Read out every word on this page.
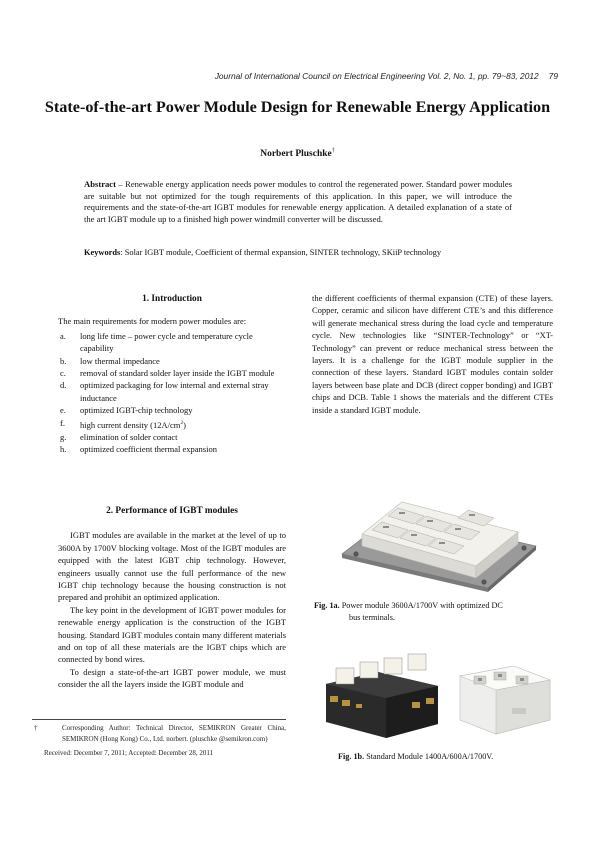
Journal of International Council on Electrical Engineering Vol. 2, No. 1, pp. 79~83, 2012 79
State-of-the-art Power Module Design for Renewable Energy Application
Norbert Pluschke†
Abstract – Renewable energy application needs power modules to control the regenerated power. Standard power modules are suitable but not optimized for the tough requirements of this application. In this paper, we will introduce the requirements and the state-of-the-art IGBT modules for renewable energy application. A detailed explanation of a state of the art IGBT module up to a finished high power windmill converter will be discussed.
Keywords: Solar IGBT module, Coefficient of thermal expansion, SINTER technology, SKiiP technology
1. Introduction
The main requirements for modern power modules are:
a. long life time – power cycle and temperature cycle capability
b. low thermal impedance
c. removal of standard solder layer inside the IGBT module
d. optimized packaging for low internal and external stray inductance
e. optimized IGBT-chip technology
f. high current density $(12A/cm^2)$
g. elimination of solder contact
h. optimized coefficient thermal expansion
2. Performance of IGBT modules

IGBT modules are available in the market at the level of up to 3600A by 1700V blocking voltage. Most of the IGBT modules are equipped with the latest IGBT chip technology. However, engineers usually cannot use the full performance of the new IGBT chip technology because the housing construction is not prepared and prohibit an optimized application.

The key point in the development of IGBT power modules for renewable energy application is the construction of the IGBT housing. Standard IGBT modules contain many different materials and on top of all these materials are the IGBT chips which are connected by bond wires.

To design a state-of-the-art IGBT power module, we must consider the all the layers inside the IGBT module and

†	Corresponding Author: Technical Director, SEMIKRON Greater China, SEMIKRON (Hong Kong) Co., Ltd. norbert. (pluschke @semikron.com)
Received: December 7, 2011; Accepted: December 28, 2011

the different coefficients of thermal expansion (CTE) of these layers. Copper, ceramic and silicon have different CTE’s and this difference will generate mechanical stress during the load cycle and temperature cycle. New technologies like “SINTER-Technology” or “XT-Technology” can prevent or reduce mechanical stress between the layers. It is a challenge for the IGBT module supplier in the connection of these layers. Standard IGBT modules contain solder layers between base plate and DCB (direct copper bonding) and IGBT chips and DCB. Table 1 shows the materials and the different CTEs inside a standard IGBT module.

Fig. 1a. Power module 3600A/1700V with optimized DC
bus terminals.
Fig. 1b. Standard Module 1400A/600A/1700V.
